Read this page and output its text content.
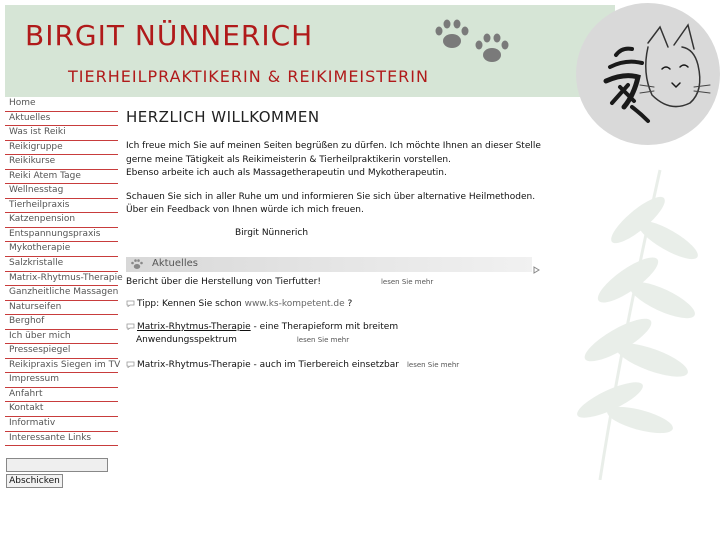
BIRGIT NÜNNERICH
TIERHEILPRAKTIKERIN & REIKIMEISTERIN
Home
Aktuelles
Was ist Reiki
Reikigruppe
Reikikurse
Reiki Atem Tage
Wellnesstag
Tierheilpraxis
Katzenpension
Entspannungspraxis
Mykotherapie
Salzkristalle
Matrix-Rhytmus-Therapie
Ganzheitliche Massagen
Naturseifen
Berghof
Ich über mich
Pressespiegel
Reikipraxis Siegen im TV
Impressum
Anfahrt
Kontakt
Informativ
Interessante Links
Abschicken
HERZLICH WILLKOMMEN

Ich freue mich Sie auf meinen Seiten begrüßen zu dürfen. Ich möchte Ihnen an dieser Stelle gerne meine Tätigkeit als Reikimeisterin & Tierheilpraktikerin vorstellen.
Ebenso arbeite ich auch als Massagetherapeutin und Mykotherapeutin.

Schauen Sie sich in aller Ruhe um und informieren Sie sich über alternative Heilmethoden. Über ein Feedback von Ihnen würde ich mich freuen.

Birgit Nünnerich

Aktuelles
Bericht über die Herstellung von Tierfutter!	lesen Sie mehr
Tipp: Kennen Sie schon www.ks-kompetent.de ?
Matrix-Rhytmus-Therapie - eine Therapieform mit breitem
Anwendungsspektrum	lesen Sie mehr
Matrix-Rhytmus-Therapie - auch im Tierbereich einsetzbar lesen Sie mehr
